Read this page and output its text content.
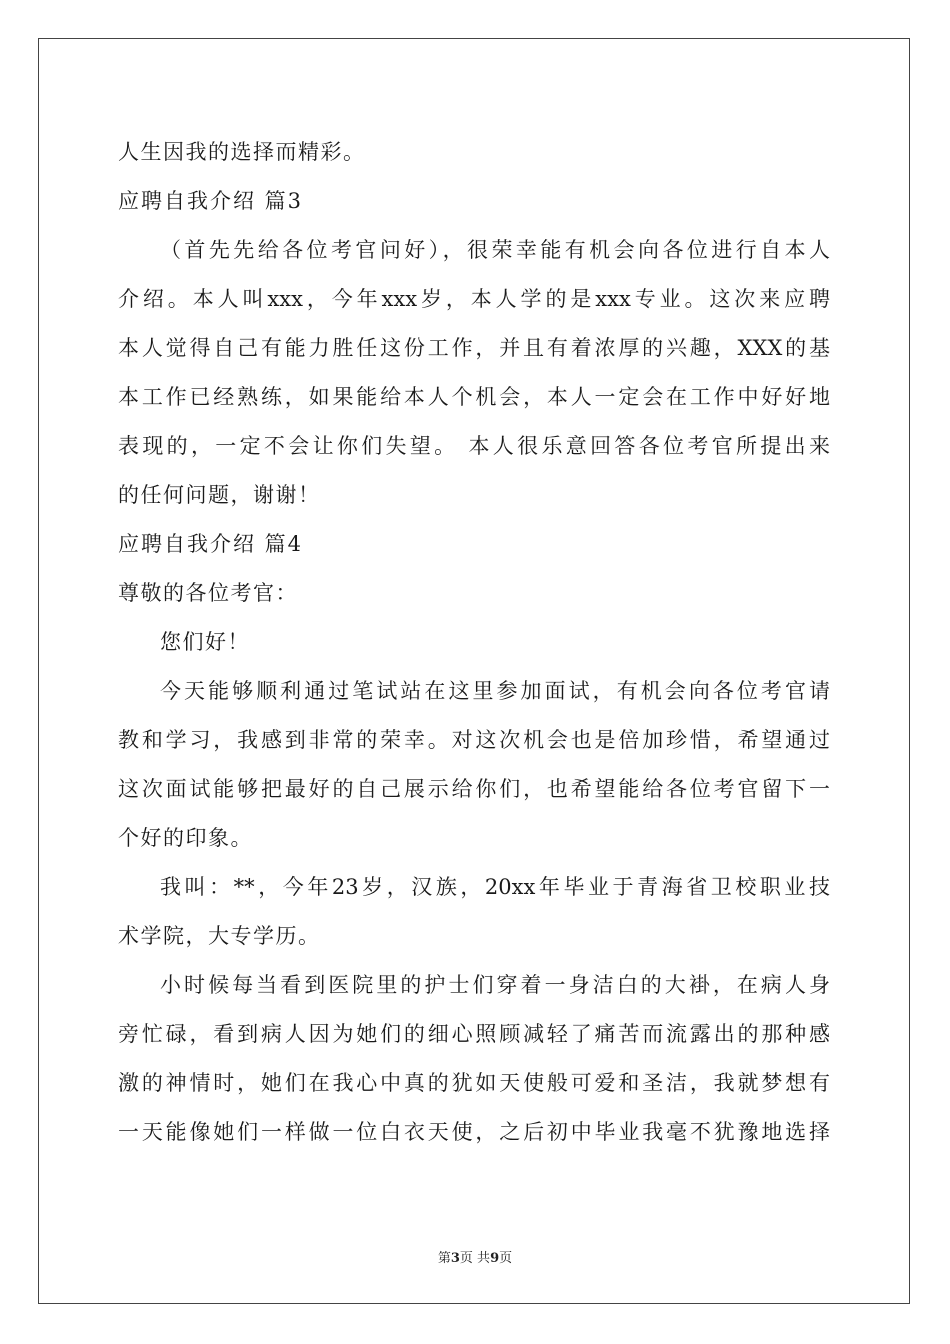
人生因我的选择而精彩。
应聘自我介绍 篇3
（首先先给各位考官问好），很荣幸能有机会向各位进行自本人
介绍。本人叫xxx，今年xxx岁，本人学的是xxx专业。这次来应聘
本人觉得自己有能力胜任这份工作，并且有着浓厚的兴趣，XXX的基
本工作已经熟练，如果能给本人个机会，本人一定会在工作中好好地
表现的，一定不会让你们失望。 本人很乐意回答各位考官所提出来
的任何问题，谢谢！
应聘自我介绍 篇4
尊敬的各位考官：
您们好！
今天能够顺利通过笔试站在这里参加面试，有机会向各位考官请
教和学习，我感到非常的荣幸。对这次机会也是倍加珍惜，希望通过
这次面试能够把最好的自己展示给你们，也希望能给各位考官留下一
个好的印象。
我叫：**，今年23岁，汉族，20xx年毕业于青海省卫校职业技
术学院，大专学历。
小时候每当看到医院里的护士们穿着一身洁白的大褂，在病人身
旁忙碌，看到病人因为她们的细心照顾减轻了痛苦而流露出的那种感
激的神情时，她们在我心中真的犹如天使般可爱和圣洁，我就梦想有
一天能像她们一样做一位白衣天使，之后初中毕业我毫不犹豫地选择
第3页 共9页
